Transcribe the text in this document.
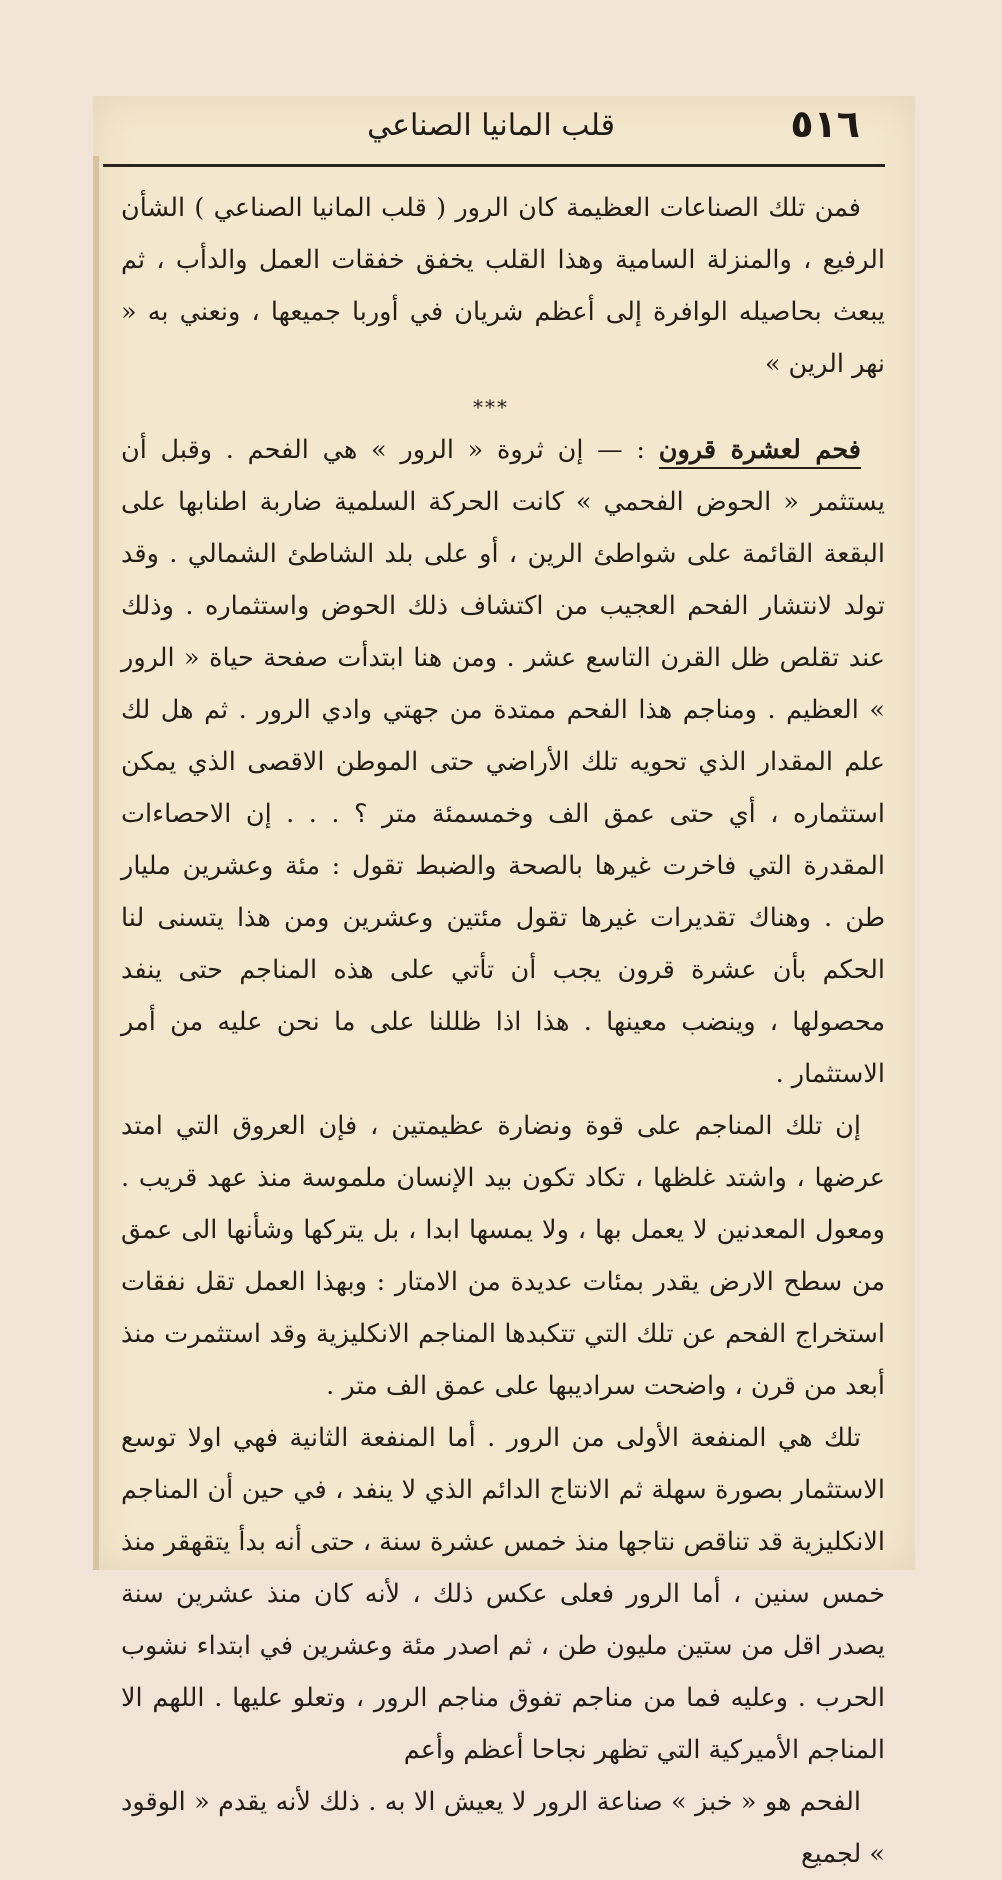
٥١٦
قلب المانيا الصناعي

فمن تلك الصناعات العظيمة كان الرور ( قلب المانيا الصناعي ) الشأن الرفيع ، والمنزلة السامية وهذا القلب يخفق خفقات العمل والدأب ، ثم يبعث بحاصيله الوافرة إلى أعظم شريان في أوربا جميعها ، ونعني به « نهر الرين »

***

فحم لعشرة قرون : — إن ثروة « الرور » هي الفحم . وقبل أن يستثمر « الحوض الفحمي » كانت الحركة السلمية ضاربة اطنابها على البقعة القائمة على شواطئ الرين ، أو على بلد الشاطئ الشمالي . وقد تولد لانتشار الفحم العجيب من اكتشاف ذلك الحوض واستثماره . وذلك عند تقلص ظل القرن التاسع عشر . ومن هنا ابتدأت صفحة حياة « الرور » العظيم . ومناجم هذا الفحم ممتدة من جهتي وادي الرور . ثم هل لك علم المقدار الذي تحويه تلك الأراضي حتى الموطن الاقصى الذي يمكن استثماره ، أي حتى عمق الف وخمسمئة متر ؟ . . . إن الاحصاءات المقدرة التي فاخرت غيرها بالصحة والضبط تقول : مئة وعشرين مليار طن . وهناك تقديرات غيرها تقول مئتين وعشرين ومن هذا يتسنى لنا الحكم بأن عشرة قرون يجب أن تأتي على هذه المناجم حتى ينفد محصولها ، وينضب معينها . هذا اذا ظللنا على ما نحن عليه من أمر الاستثمار .

إن تلك المناجم على قوة ونضارة عظيمتين ، فإن العروق التي امتد عرضها ، واشتد غلظها ، تكاد تكون بيد الإنسان ملموسة منذ عهد قريب . ومعول المعدنين لا يعمل بها ، ولا يمسها ابدا ، بل يتركها وشأنها الى عمق من سطح الارض يقدر بمئات عديدة من الامتار : وبهذا العمل تقل نفقات استخراج الفحم عن تلك التي تتكبدها المناجم الانكليزية وقد استثمرت منذ أبعد من قرن ، واضحت سراديبها على عمق الف متر .

تلك هي المنفعة الأولى من الرور . أما المنفعة الثانية فهي اولا توسع الاستثمار بصورة سهلة ثم الانتاج الدائم الذي لا ينفد ، في حين أن المناجم الانكليزية قد تناقص نتاجها منذ خمس عشرة سنة ، حتى أنه بدأ يتقهقر منذ خمس سنين ، أما الرور فعلى عكس ذلك ، لأنه كان منذ عشرين سنة يصدر اقل من ستين مليون طن ، ثم اصدر مئة وعشرين في ابتداء نشوب الحرب . وعليه فما من مناجم تفوق مناجم الرور ، وتعلو عليها . اللهم الا المناجم الأميركية التي تظهر نجاحا أعظم وأعم

الفحم هو « خبز » صناعة الرور لا يعيش الا به . ذلك لأنه يقدم « الوقود » لجميع
